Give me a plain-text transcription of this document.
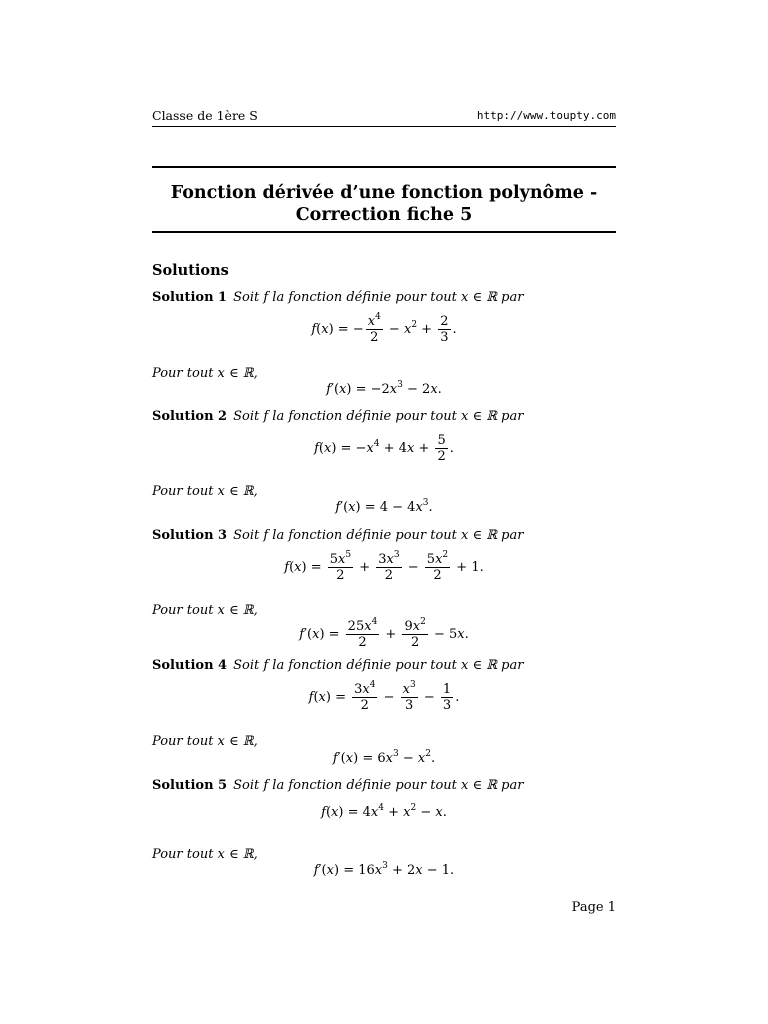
Classe de 1ère S	http://www.toupty.com
Fonction dérivée d’une fonction polynôme -
Correction fiche 5
Solutions
Solution 1 Soit f la fonction définie pour tout x ∈ ℝ par
f(x) = − $\frac{x^4}{2} - x^2 + \frac{2}{3}$ .
Pour tout x ∈ ℝ,
$f'(x) = -2x^3 - 2x$.
Solution 2 Soit f la fonction définie pour tout x ∈ ℝ par
$f(x) = -x^4 + 4x + \frac{5}{2}$ .
Pour tout x ∈ ℝ,
$f'(x) = 4 - 4x^3$.
Solution 3 Soit f la fonction définie pour tout x ∈ ℝ par
$f(x) = \frac{5x^5}{2} + \frac{3x^3}{2} - \frac{5x^2}{2} + 1$.
Pour tout x ∈ ℝ,
$f'(x) = \frac{25x^4}{2} + \frac{9x^2}{2} - 5x$.
Solution 4 Soit f la fonction définie pour tout x ∈ ℝ par
$f(x) = \frac{3x^4}{2} - \frac{x^3}{3} - \frac{1}{3}$ .
Pour tout x ∈ ℝ,
$f'(x) = 6x^3 - x^2$.
Solution 5 Soit f la fonction définie pour tout x ∈ ℝ par
$f(x) = 4x^4 + x^2 - x$.
Pour tout x ∈ ℝ,
$f'(x) = 16x^3 + 2x - 1$.
Page 1
